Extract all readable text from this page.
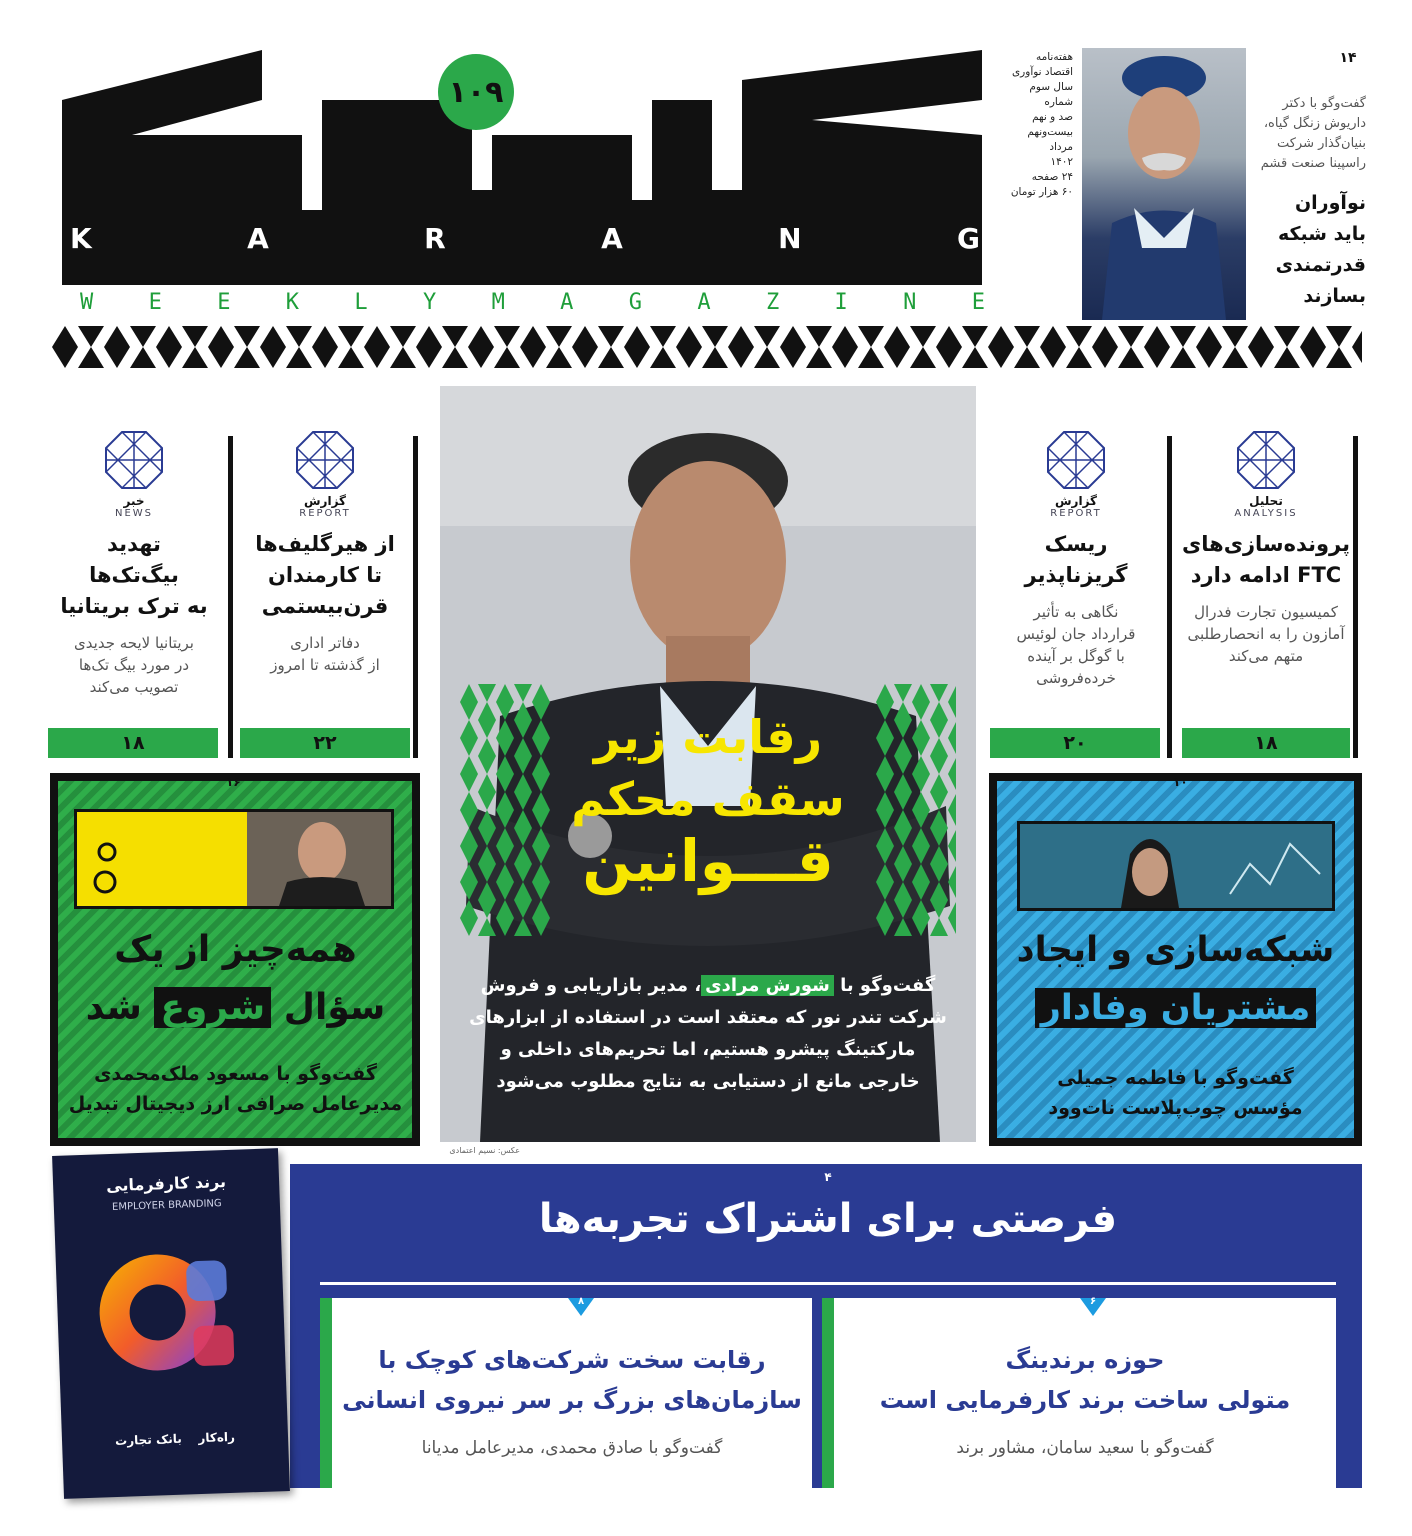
K	A	R	A	N	G
W	E	E	K	L	Y	M	A	G	A	Z	I	N	E
۱۰۹
هفته‌نامه
اقتصاد نوآوری
سال سوم
شماره
صد و نهم
بیست‌ونهم
مرداد
۱۴۰۲
۲۴ صفحه
۶۰ هزار تومان
۱۴
گفت‌وگو با دکتر داریوش زنگل گیاه، بنیان‌گذار شرکت راسپینا صنعت قشم
نوآوران
باید شبکه
قدرتمندی
بسازند
تحلیل
ANALYSIS
پرونده‌سازی‌های
FTC ادامه دارد
کمیسیون تجارت فدرال
آمازون را به انحصارطلبی
متهم می‌کند
۱۸
گزارش
REPORT
ریسک
گریزناپذیر
نگاهی به تأثیر
قرارداد جان لوئیس
با گوگل بر آینده
خرده‌فروشی
۲۰
گزارش
REPORT
از هیرگلیف‌ها
تا کارمندان
قرن‌بیستمی
دفاتر اداری
از گذشته تا امروز
۲۲
خبر
NEWS
تهدید
بیگ‌تک‌ها
به ترک بریتانیا
بریتانیا لایحه جدیدی
در مورد بیگ تک‌ها
تصویب می‌کند
۱۸	رقابت زیر
سقف محکم
قـــوانین
گفت‌وگو با شورش مرادی، مدیر بازاریابی و فروش
شرکت تندر نور که معتقد است در استفاده از ابزارهای
مارکتینگ پیشرو هستیم، اما تحریم‌های داخلی و
خارجی مانع از دستیابی به نتایج مطلوب می‌شود
عکس: نسیم اعتمادی
۱۶
همه‌چیز از یک
سؤال شروع شد
گفت‌وگو با مسعود ملک‌محمدی
مدیرعامل صرافی ارز دیجیتال تبدیل
۱۰
شبکه‌سازی و ایجاد
مشتریان وفادار
گفت‌وگو با فاطمه جمیلی
مؤسس چوب‌پلاست نات‌وود
۴
فرصتی برای اشتراک تجربه‌ها
۶
حوزه برندینگ
متولی ساخت برند کارفرمایی است
گفت‌وگو با سعید سامان، مشاور برند
۸
رقابت سخت شرکت‌های کوچک با
سازمان‌های بزرگ بر سر نیروی انسانی
گفت‌وگو با صادق محمدی، مدیرعامل مدیانا
برند کارفرمایی
EMPLOYER BRANDING
راه‌کار    بانک تجارت
